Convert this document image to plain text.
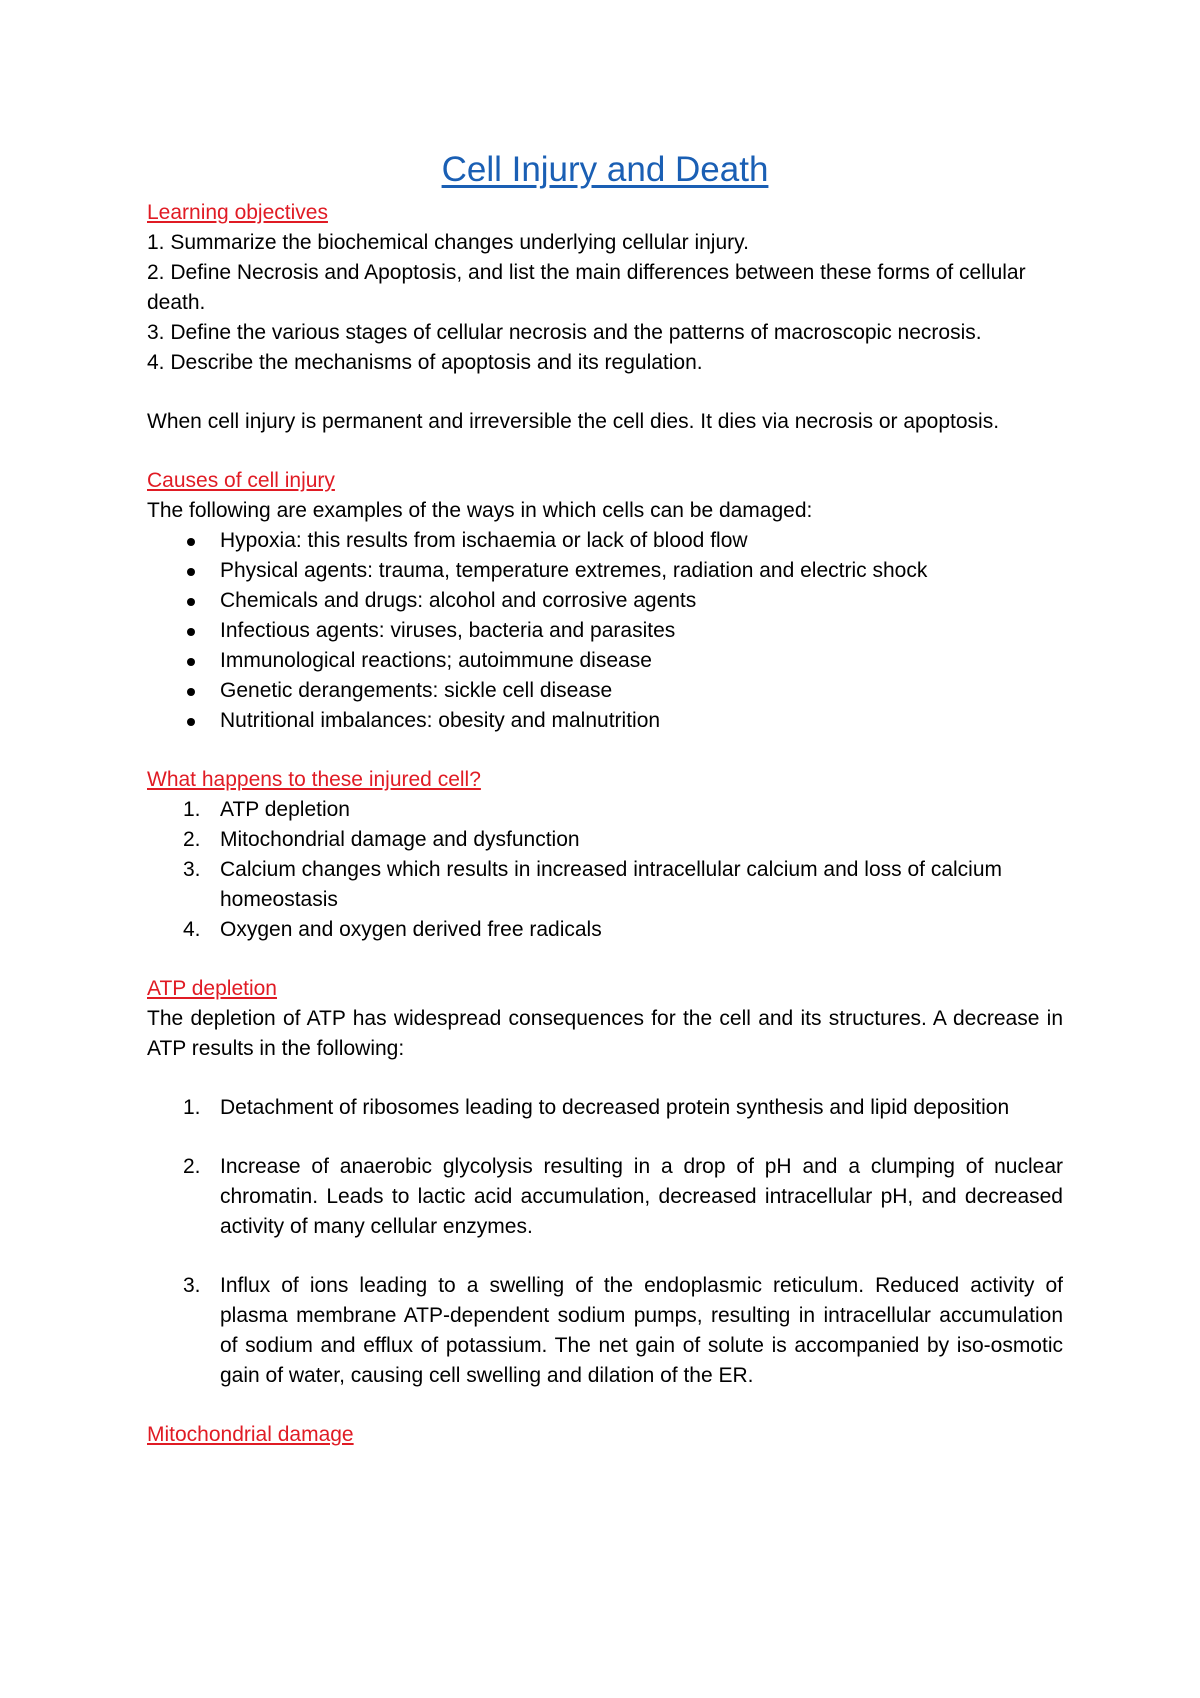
Cell Injury and Death

Learning objectives

1. Summarize the biochemical changes underlying cellular injury.

2. Define Necrosis and Apoptosis, and list the main differences between these forms of cellular death.

3. Define the various stages of cellular necrosis and the patterns of macroscopic necrosis.

4. Describe the mechanisms of apoptosis and its regulation.

When cell injury is permanent and irreversible the cell dies. It dies via necrosis or apoptosis.

Causes of cell injury

The following are examples of the ways in which cells can be damaged:

Hypoxia: this results from ischaemia or lack of blood flow
Physical agents: trauma, temperature extremes, radiation and electric shock
Chemicals and drugs: alcohol and corrosive agents
Infectious agents: viruses, bacteria and parasites
Immunological reactions; autoimmune disease
Genetic derangements: sickle cell disease
Nutritional imbalances: obesity and malnutrition

What happens to these injured cell?

1. ATP depletion
2. Mitochondrial damage and dysfunction
3. Calcium changes which results in increased intracellular calcium and loss of calcium homeostasis
4. Oxygen and oxygen derived free radicals

ATP depletion

The depletion of ATP has widespread consequences for the cell and its structures. A decrease in ATP results in the following:

1. Detachment of ribosomes leading to decreased protein synthesis and lipid deposition
2. Increase of anaerobic glycolysis resulting in a drop of pH and a clumping of nuclear chromatin. Leads to lactic acid accumulation, decreased intracellular pH, and decreased activity of many cellular enzymes.
3. Influx of ions leading to a swelling of the endoplasmic reticulum. Reduced activity of plasma membrane ATP-dependent sodium pumps, resulting in intracellular accumulation of sodium and efflux of potassium. The net gain of solute is accompanied by iso-osmotic gain of water, causing cell swelling and dilation of the ER.

Mitochondrial damage
